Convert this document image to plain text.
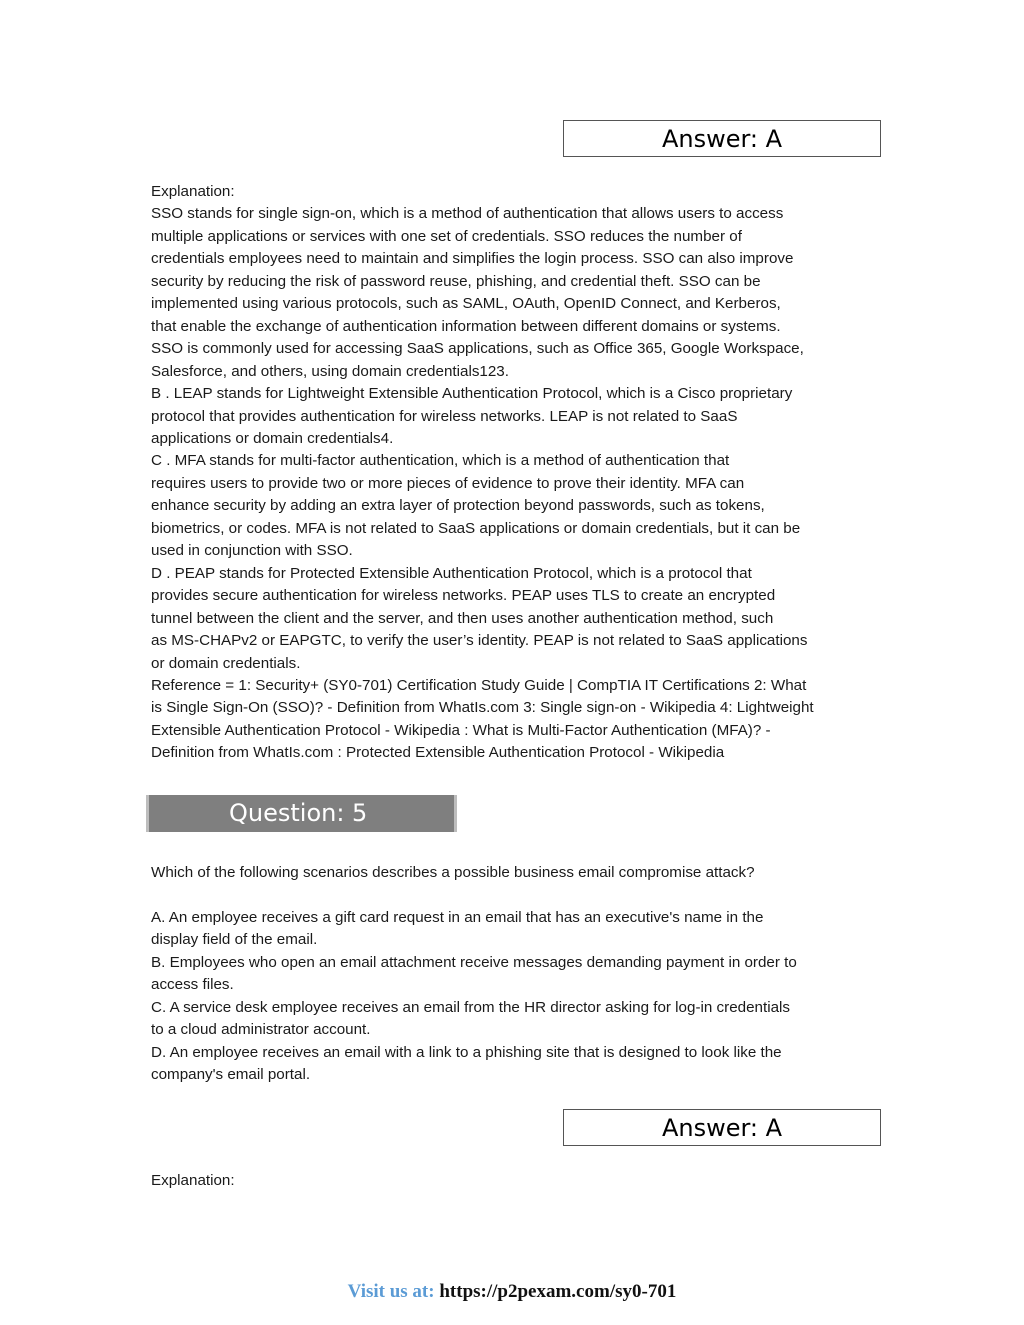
Answer: A
Explanation:
SSO stands for single sign-on, which is a method of authentication that allows users to access
multiple applications or services with one set of credentials. SSO reduces the number of
credentials employees need to maintain and simplifies the login process. SSO can also improve
security by reducing the risk of password reuse, phishing, and credential theft. SSO can be
implemented using various protocols, such as SAML, OAuth, OpenID Connect, and Kerberos,
that enable the exchange of authentication information between different domains or systems.
SSO is commonly used for accessing SaaS applications, such as Office 365, Google Workspace,
Salesforce, and others, using domain credentials123.
B . LEAP stands for Lightweight Extensible Authentication Protocol, which is a Cisco proprietary
protocol that provides authentication for wireless networks. LEAP is not related to SaaS
applications or domain credentials4.
C . MFA stands for multi-factor authentication, which is a method of authentication that
requires users to provide two or more pieces of evidence to prove their identity. MFA can
enhance security by adding an extra layer of protection beyond passwords, such as tokens,
biometrics, or codes. MFA is not related to SaaS applications or domain credentials, but it can be
used in conjunction with SSO.
D . PEAP stands for Protected Extensible Authentication Protocol, which is a protocol that
provides secure authentication for wireless networks. PEAP uses TLS to create an encrypted
tunnel between the client and the server, and then uses another authentication method, such
as MS-CHAPv2 or EAPGTC, to verify the user’s identity. PEAP is not related to SaaS applications
or domain credentials.
Reference = 1: Security+ (SY0-701) Certification Study Guide | CompTIA IT Certifications 2: What
is Single Sign-On (SSO)? - Definition from WhatIs.com 3: Single sign-on - Wikipedia 4: Lightweight
Extensible Authentication Protocol - Wikipedia : What is Multi-Factor Authentication (MFA)? -
Definition from WhatIs.com : Protected Extensible Authentication Protocol - Wikipedia
Question: 5
Which of the following scenarios describes a possible business email compromise attack?
A. An employee receives a gift card request in an email that has an executive's name in the
display field of the email.
B. Employees who open an email attachment receive messages demanding payment in order to
access files.
C. A service desk employee receives an email from the HR director asking for log-in credentials
to a cloud administrator account.
D. An employee receives an email with a link to a phishing site that is designed to look like the
company's email portal.
Answer: A
Explanation:
Visit us at: https://p2pexam.com/sy0-701
